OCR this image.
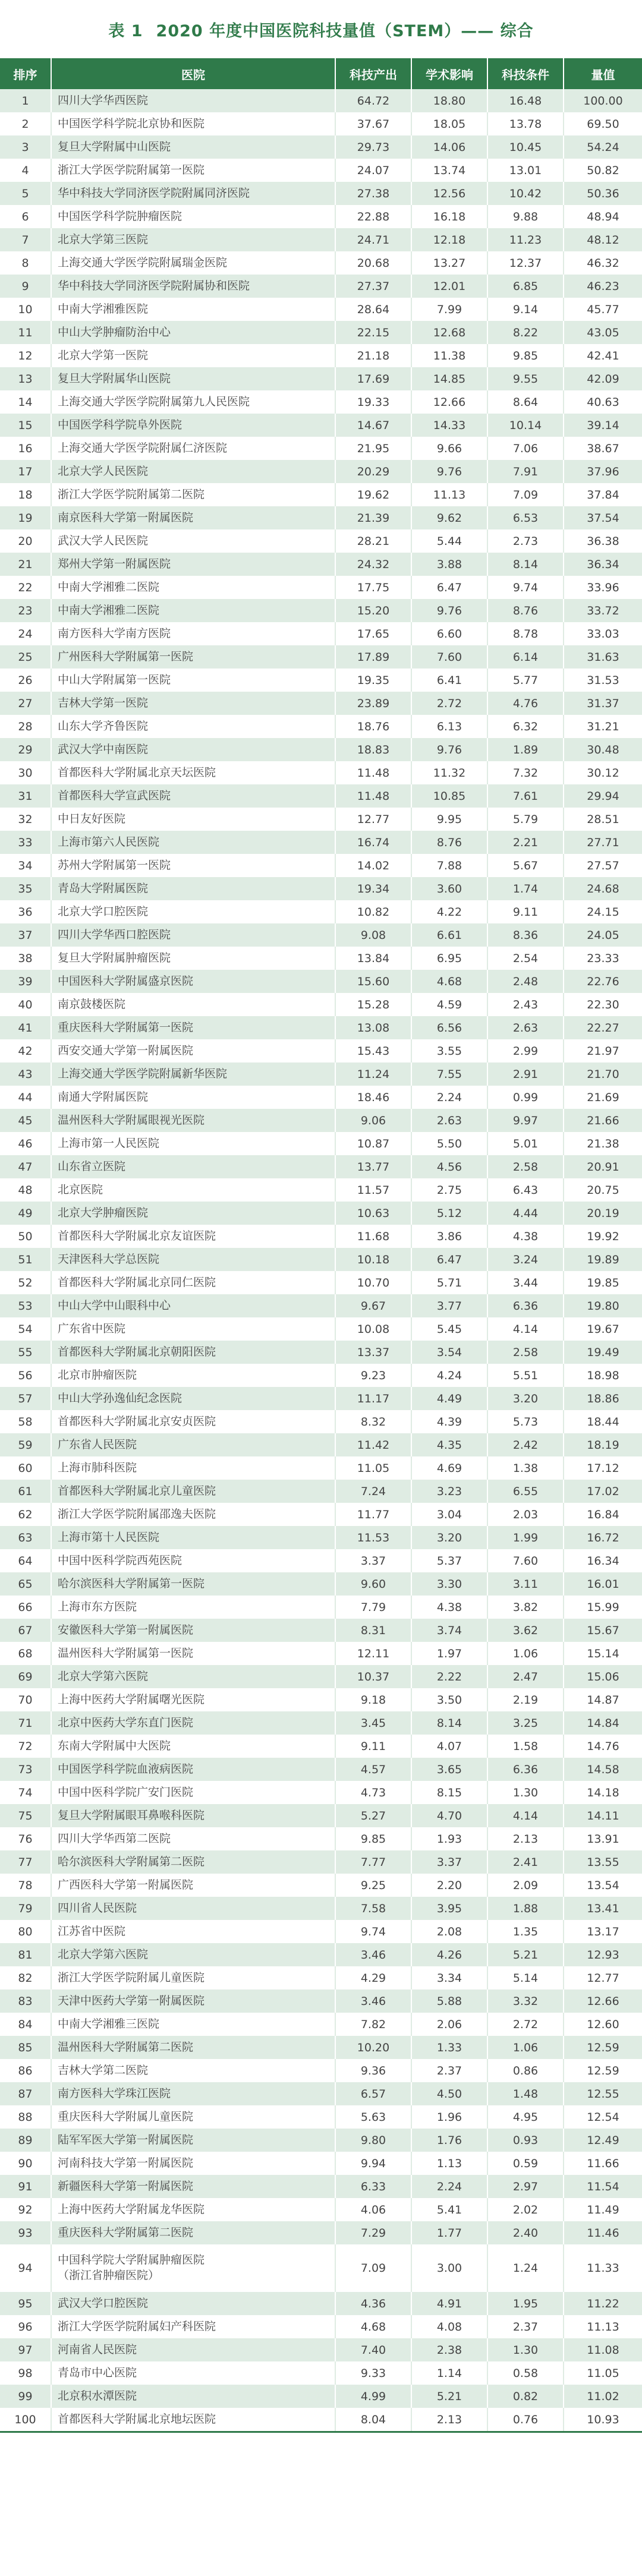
表 1 2020 年度中国医院科技量值（STEM）—— 综合
排序	医院	科技产出	学术影响	科技条件	量值
1	四川大学华西医院	64.72	18.80	16.48	100.00
2	中国医学科学院北京协和医院	37.67	18.05	13.78	69.50
3	复旦大学附属中山医院	29.73	14.06	10.45	54.24
4	浙江大学医学院附属第一医院	24.07	13.74	13.01	50.82
5	华中科技大学同济医学院附属同济医院	27.38	12.56	10.42	50.36
6	中国医学科学院肿瘤医院	22.88	16.18	9.88	48.94
7	北京大学第三医院	24.71	12.18	11.23	48.12
8	上海交通大学医学院附属瑞金医院	20.68	13.27	12.37	46.32
9	华中科技大学同济医学院附属协和医院	27.37	12.01	6.85	46.23
10	中南大学湘雅医院	28.64	7.99	9.14	45.77
11	中山大学肿瘤防治中心	22.15	12.68	8.22	43.05
12	北京大学第一医院	21.18	11.38	9.85	42.41
13	复旦大学附属华山医院	17.69	14.85	9.55	42.09
14	上海交通大学医学院附属第九人民医院	19.33	12.66	8.64	40.63
15	中国医学科学院阜外医院	14.67	14.33	10.14	39.14
16	上海交通大学医学院附属仁济医院	21.95	9.66	7.06	38.67
17	北京大学人民医院	20.29	9.76	7.91	37.96
18	浙江大学医学院附属第二医院	19.62	11.13	7.09	37.84
19	南京医科大学第一附属医院	21.39	9.62	6.53	37.54
20	武汉大学人民医院	28.21	5.44	2.73	36.38
21	郑州大学第一附属医院	24.32	3.88	8.14	36.34
22	中南大学湘雅二医院	17.75	6.47	9.74	33.96
23	中南大学湘雅二医院	15.20	9.76	8.76	33.72
24	南方医科大学南方医院	17.65	6.60	8.78	33.03
25	广州医科大学附属第一医院	17.89	7.60	6.14	31.63
26	中山大学附属第一医院	19.35	6.41	5.77	31.53
27	吉林大学第一医院	23.89	2.72	4.76	31.37
28	山东大学齐鲁医院	18.76	6.13	6.32	31.21
29	武汉大学中南医院	18.83	9.76	1.89	30.48
30	首都医科大学附属北京天坛医院	11.48	11.32	7.32	30.12
31	首都医科大学宣武医院	11.48	10.85	7.61	29.94
32	中日友好医院	12.77	9.95	5.79	28.51
33	上海市第六人民医院	16.74	8.76	2.21	27.71
34	苏州大学附属第一医院	14.02	7.88	5.67	27.57
35	青岛大学附属医院	19.34	3.60	1.74	24.68
36	北京大学口腔医院	10.82	4.22	9.11	24.15
37	四川大学华西口腔医院	9.08	6.61	8.36	24.05
38	复旦大学附属肿瘤医院	13.84	6.95	2.54	23.33
39	中国医科大学附属盛京医院	15.60	4.68	2.48	22.76
40	南京鼓楼医院	15.28	4.59	2.43	22.30
41	重庆医科大学附属第一医院	13.08	6.56	2.63	22.27
42	西安交通大学第一附属医院	15.43	3.55	2.99	21.97
43	上海交通大学医学院附属新华医院	11.24	7.55	2.91	21.70
44	南通大学附属医院	18.46	2.24	0.99	21.69
45	温州医科大学附属眼视光医院	9.06	2.63	9.97	21.66
46	上海市第一人民医院	10.87	5.50	5.01	21.38
47	山东省立医院	13.77	4.56	2.58	20.91
48	北京医院	11.57	2.75	6.43	20.75
49	北京大学肿瘤医院	10.63	5.12	4.44	20.19
50	首都医科大学附属北京友谊医院	11.68	3.86	4.38	19.92
51	天津医科大学总医院	10.18	6.47	3.24	19.89
52	首都医科大学附属北京同仁医院	10.70	5.71	3.44	19.85
53	中山大学中山眼科中心	9.67	3.77	6.36	19.80
54	广东省中医院	10.08	5.45	4.14	19.67
55	首都医科大学附属北京朝阳医院	13.37	3.54	2.58	19.49
56	北京市肿瘤医院	9.23	4.24	5.51	18.98
57	中山大学孙逸仙纪念医院	11.17	4.49	3.20	18.86
58	首都医科大学附属北京安贞医院	8.32	4.39	5.73	18.44
59	广东省人民医院	11.42	4.35	2.42	18.19
60	上海市肺科医院	11.05	4.69	1.38	17.12
61	首都医科大学附属北京儿童医院	7.24	3.23	6.55	17.02
62	浙江大学医学院附属邵逸夫医院	11.77	3.04	2.03	16.84
63	上海市第十人民医院	11.53	3.20	1.99	16.72
64	中国中医科学院西苑医院	3.37	5.37	7.60	16.34
65	哈尔滨医科大学附属第一医院	9.60	3.30	3.11	16.01
66	上海市东方医院	7.79	4.38	3.82	15.99
67	安徽医科大学第一附属医院	8.31	3.74	3.62	15.67
68	温州医科大学附属第一医院	12.11	1.97	1.06	15.14
69	北京大学第六医院	10.37	2.22	2.47	15.06
70	上海中医药大学附属曙光医院	9.18	3.50	2.19	14.87
71	北京中医药大学东直门医院	3.45	8.14	3.25	14.84
72	东南大学附属中大医院	9.11	4.07	1.58	14.76
73	中国医学科学院血液病医院	4.57	3.65	6.36	14.58
74	中国中医科学院广安门医院	4.73	8.15	1.30	14.18
75	复旦大学附属眼耳鼻喉科医院	5.27	4.70	4.14	14.11
76	四川大学华西第二医院	9.85	1.93	2.13	13.91
77	哈尔滨医科大学附属第二医院	7.77	3.37	2.41	13.55
78	广西医科大学第一附属医院	9.25	2.20	2.09	13.54
79	四川省人民医院	7.58	3.95	1.88	13.41
80	江苏省中医院	9.74	2.08	1.35	13.17
81	北京大学第六医院	3.46	4.26	5.21	12.93
82	浙江大学医学院附属儿童医院	4.29	3.34	5.14	12.77
83	天津中医药大学第一附属医院	3.46	5.88	3.32	12.66
84	中南大学湘雅三医院	7.82	2.06	2.72	12.60
85	温州医科大学附属第二医院	10.20	1.33	1.06	12.59
86	吉林大学第二医院	9.36	2.37	0.86	12.59
87	南方医科大学珠江医院	6.57	4.50	1.48	12.55
88	重庆医科大学附属儿童医院	5.63	1.96	4.95	12.54
89	陆军军医大学第一附属医院	9.80	1.76	0.93	12.49
90	河南科技大学第一附属医院	9.94	1.13	0.59	11.66
91	新疆医科大学第一附属医院	6.33	2.24	2.97	11.54
92	上海中医药大学附属龙华医院	4.06	5.41	2.02	11.49
93	重庆医科大学附属第二医院	7.29	1.77	2.40	11.46
94	中国科学院大学附属肿瘤医院
（浙江省肿瘤医院）	7.09	3.00	1.24	11.33
95	武汉大学口腔医院	4.36	4.91	1.95	11.22
96	浙江大学医学院附属妇产科医院	4.68	4.08	2.37	11.13
97	河南省人民医院	7.40	2.38	1.30	11.08
98	青岛市中心医院	9.33	1.14	0.58	11.05
99	北京积水潭医院	4.99	5.21	0.82	11.02
100	首都医科大学附属北京地坛医院	8.04	2.13	0.76	10.93
